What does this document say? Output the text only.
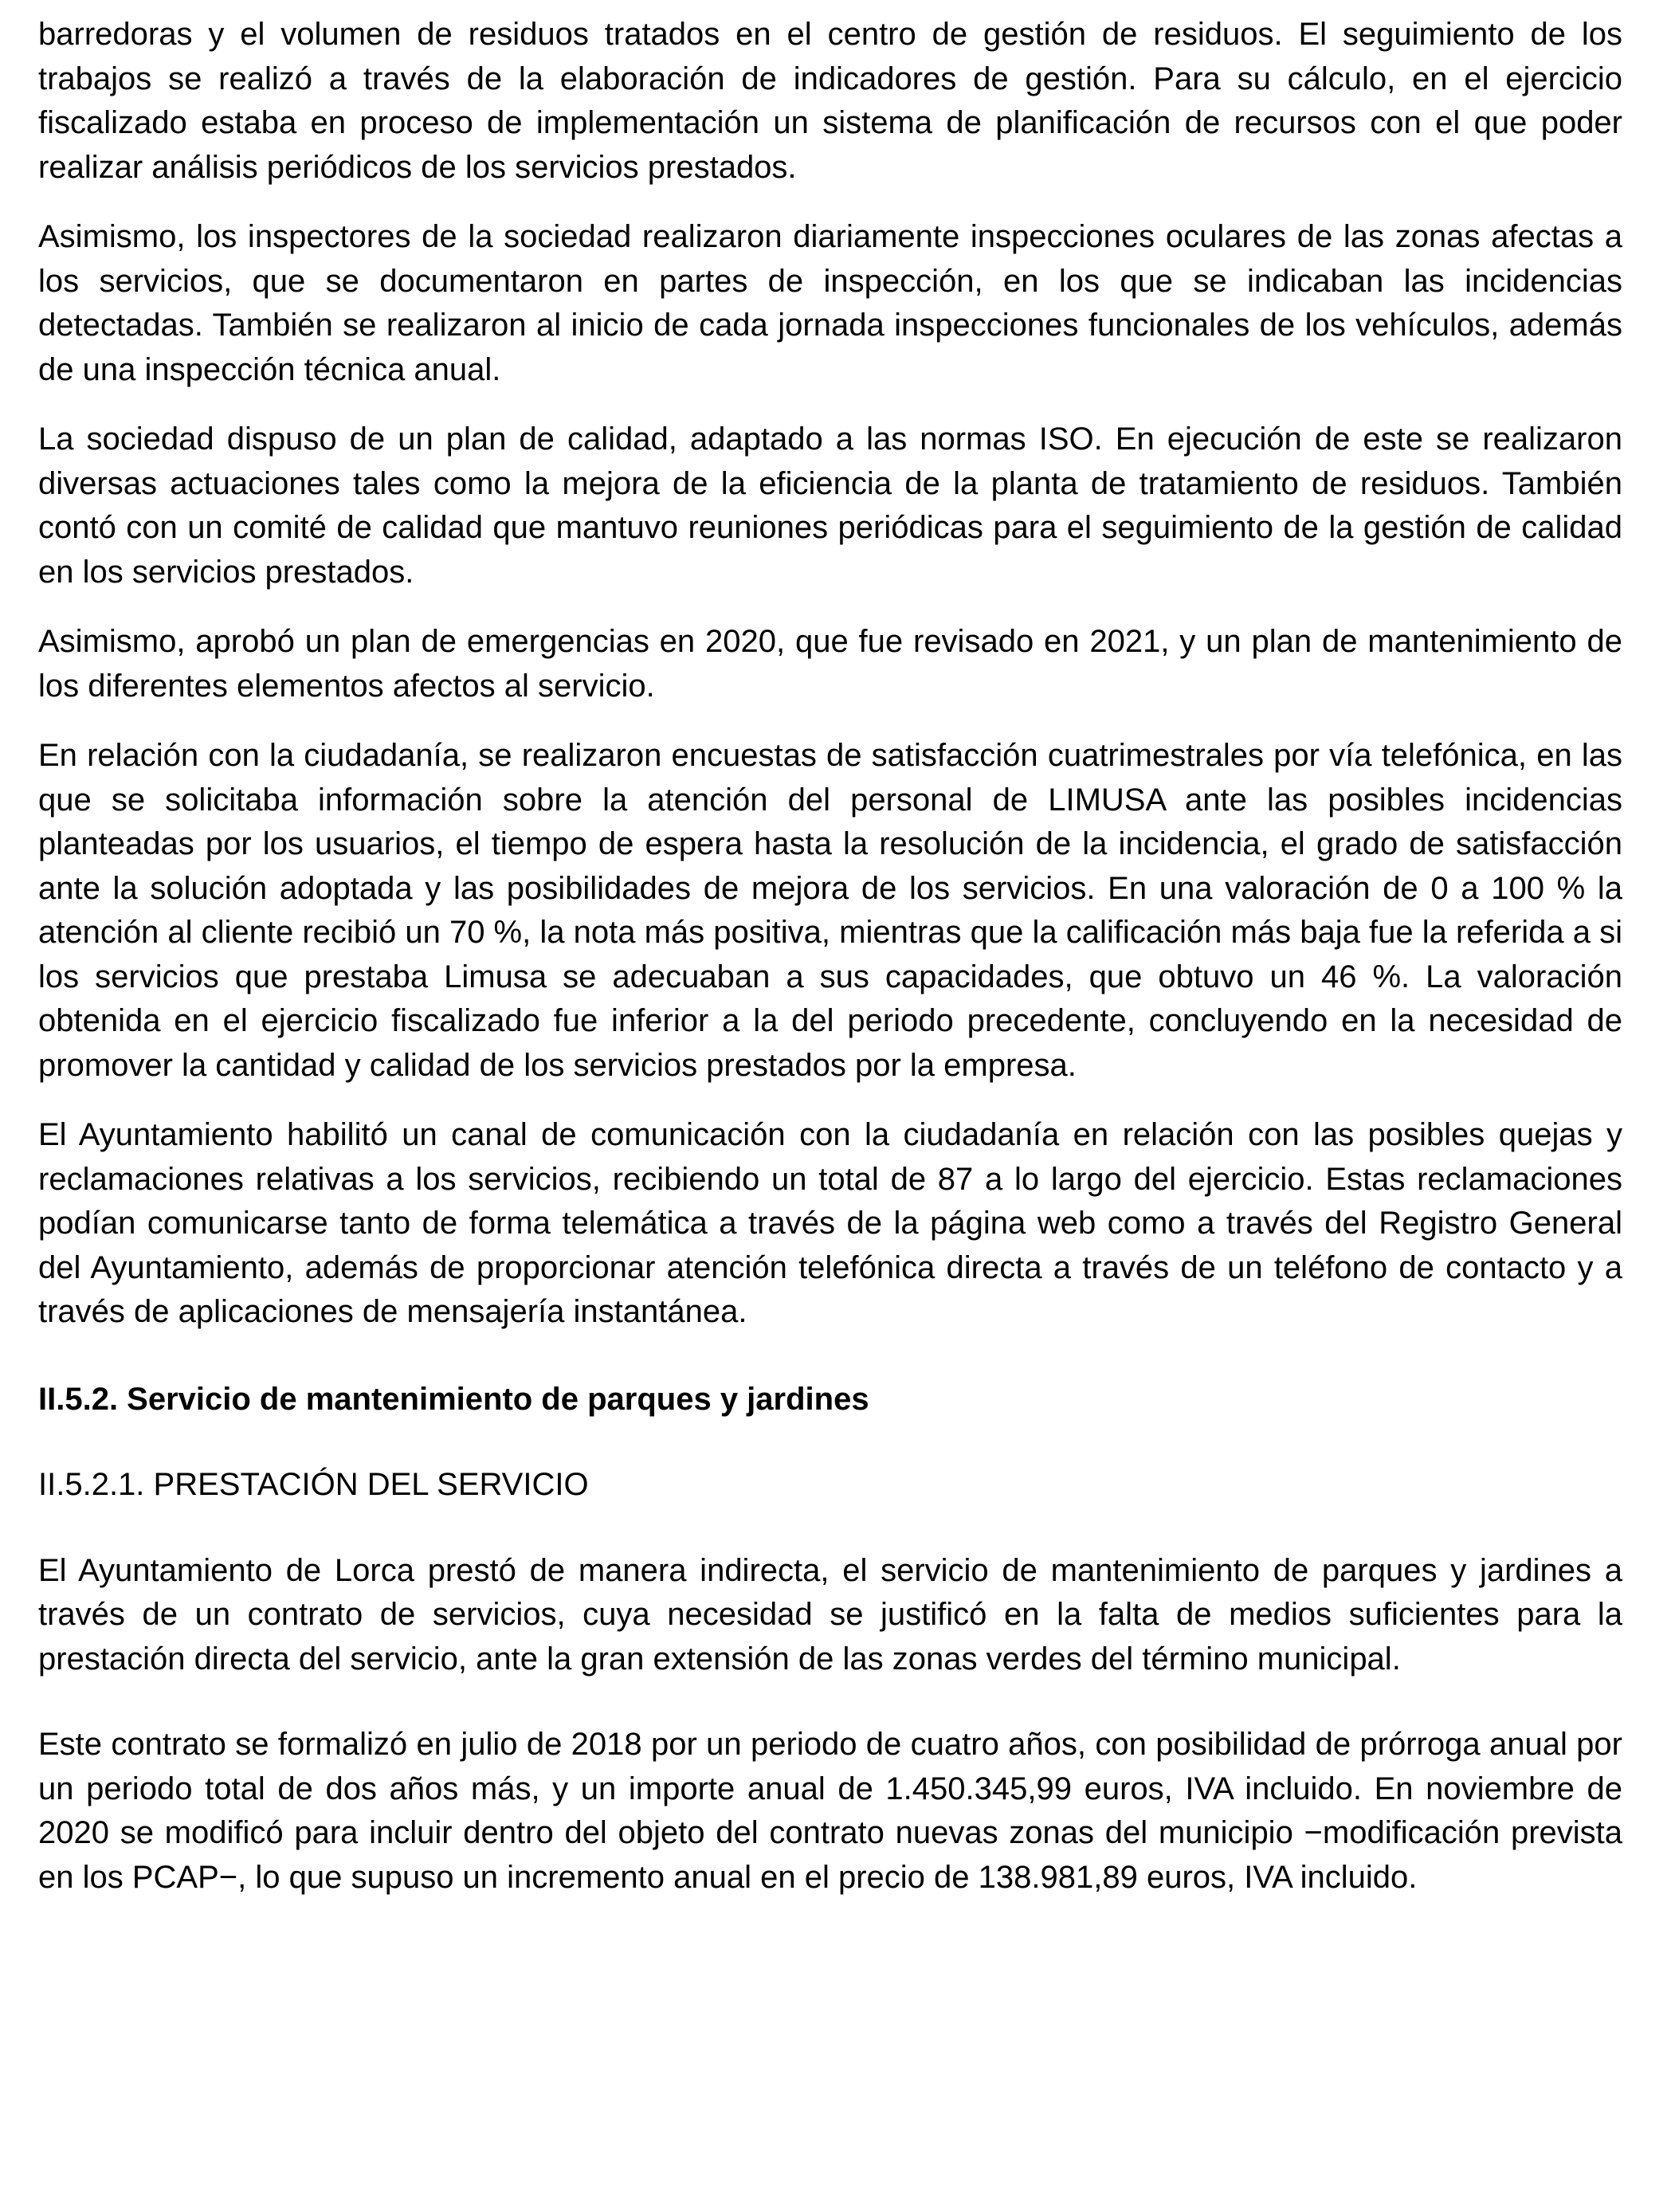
barredoras y el volumen de residuos tratados en el centro de gestión de residuos. El seguimiento de los trabajos se realizó a través de la elaboración de indicadores de gestión. Para su cálculo, en el ejercicio fiscalizado estaba en proceso de implementación un sistema de planificación de recursos con el que poder realizar análisis periódicos de los servicios prestados.

Asimismo, los inspectores de la sociedad realizaron diariamente inspecciones oculares de las zonas afectas a los servicios, que se documentaron en partes de inspección, en los que se indicaban las incidencias detectadas. También se realizaron al inicio de cada jornada inspecciones funcionales de los vehículos, además de una inspección técnica anual.

La sociedad dispuso de un plan de calidad, adaptado a las normas ISO. En ejecución de este se realizaron diversas actuaciones tales como la mejora de la eficiencia de la planta de tratamiento de residuos. También contó con un comité de calidad que mantuvo reuniones periódicas para el seguimiento de la gestión de calidad en los servicios prestados.

Asimismo, aprobó un plan de emergencias en 2020, que fue revisado en 2021, y un plan de mantenimiento de los diferentes elementos afectos al servicio.

En relación con la ciudadanía, se realizaron encuestas de satisfacción cuatrimestrales por vía telefónica, en las que se solicitaba información sobre la atención del personal de LIMUSA ante las posibles incidencias planteadas por los usuarios, el tiempo de espera hasta la resolución de la incidencia, el grado de satisfacción ante la solución adoptada y las posibilidades de mejora de los servicios. En una valoración de 0 a 100 % la atención al cliente recibió un 70 %, la nota más positiva, mientras que la calificación más baja fue la referida a si los servicios que prestaba Limusa se adecuaban a sus capacidades, que obtuvo un 46 %. La valoración obtenida en el ejercicio fiscalizado fue inferior a la del periodo precedente, concluyendo en la necesidad de promover la cantidad y calidad de los servicios prestados por la empresa.

El Ayuntamiento habilitó un canal de comunicación con la ciudadanía en relación con las posibles quejas y reclamaciones relativas a los servicios, recibiendo un total de 87 a lo largo del ejercicio. Estas reclamaciones podían comunicarse tanto de forma telemática a través de la página web como a través del Registro General del Ayuntamiento, además de proporcionar atención telefónica directa a través de un teléfono de contacto y a través de aplicaciones de mensajería instantánea.

II.5.2. Servicio de mantenimiento de parques y jardines
II.5.2.1. PRESTACIÓN DEL SERVICIO

El Ayuntamiento de Lorca prestó de manera indirecta, el servicio de mantenimiento de parques y jardines a través de un contrato de servicios, cuya necesidad se justificó en la falta de medios suficientes para la prestación directa del servicio, ante la gran extensión de las zonas verdes del término municipal.

Este contrato se formalizó en julio de 2018 por un periodo de cuatro años, con posibilidad de prórroga anual por un periodo total de dos años más, y un importe anual de 1.450.345,99 euros, IVA incluido. En noviembre de 2020 se modificó para incluir dentro del objeto del contrato nuevas zonas del municipio −modificación prevista en los PCAP−, lo que supuso un incremento anual en el precio de 138.981,89 euros, IVA incluido.
